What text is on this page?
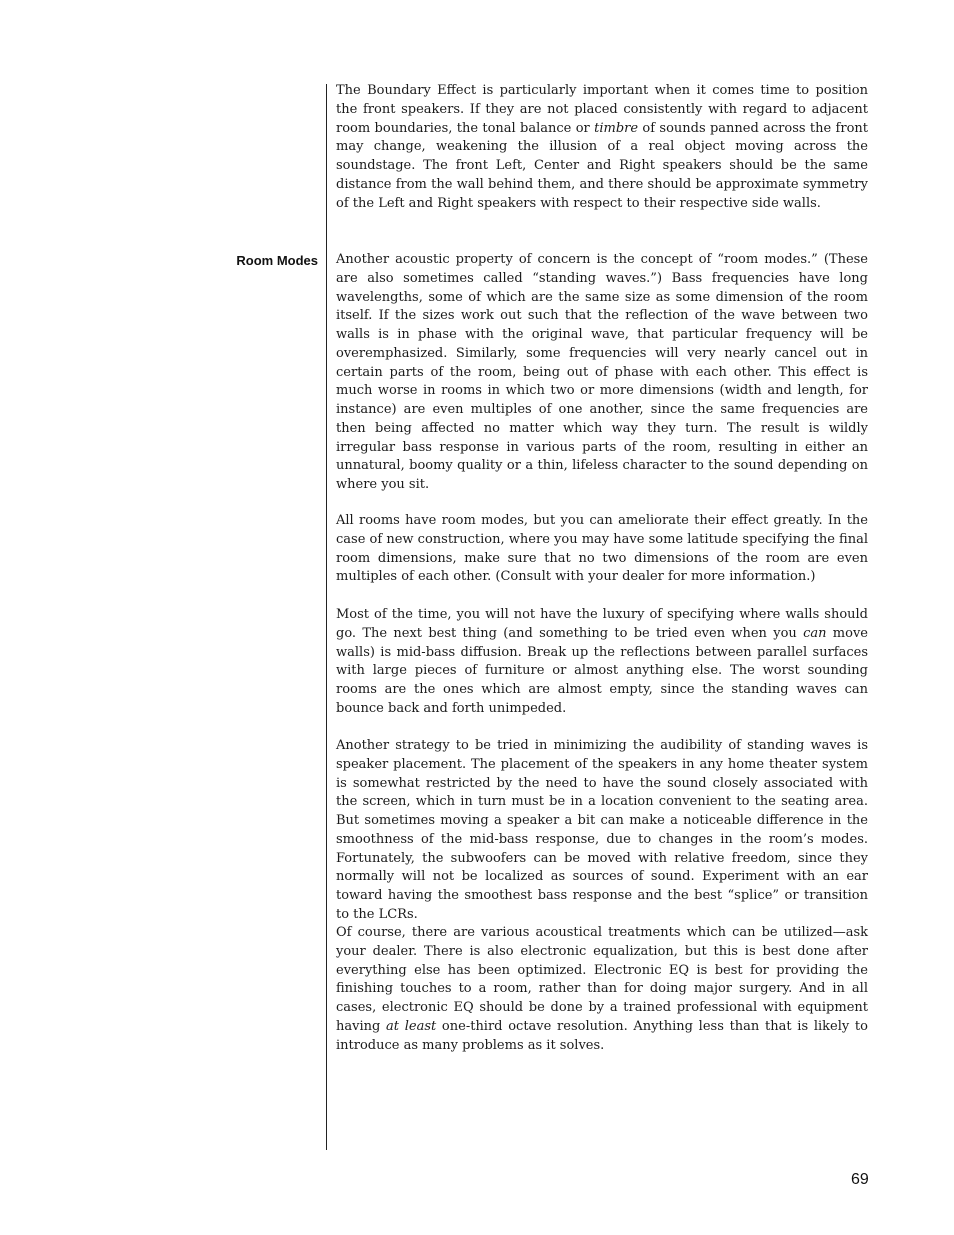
The Boundary Effect is particularly important when it comes time to position the front speakers. If they are not placed consistently with regard to adjacent room boundaries, the tonal balance or timbre of sounds panned across the front may change, weakening the illusion of a real object moving across the soundstage. The front Left, Center and Right speakers should be the same distance from the wall behind them, and there should be approximate symmetry of the Left and Right speakers with respect to their respective side walls.

Room Modes Another acoustic property of concern is the concept of “room modes.” (These are also sometimes called “standing waves.”) Bass frequencies have long wavelengths, some of which are the same size as some dimension of the room itself. If the sizes work out such that the reflection of the wave between two walls is in phase with the original wave, that particular frequency will be overemphasized. Similarly, some frequencies will very nearly cancel out in certain parts of the room, being out of phase with each other. This effect is much worse in rooms in which two or more dimensions (width and length, for instance) are even multiples of one another, since the same frequencies are then being affected no matter which way they turn. The result is wildly irregular bass response in various parts of the room, resulting in either an unnatural, boomy quality or a thin, lifeless character to the sound depending on where you sit.

All rooms have room modes, but you can ameliorate their effect greatly. In the case of new construction, where you may have some latitude specifying the final room dimensions, make sure that no two dimensions of the room are even multiples of each other. (Consult with your dealer for more information.)

Most of the time, you will not have the luxury of specifying where walls should go. The next best thing (and something to be tried even when you can move walls) is mid-bass diffusion. Break up the reflections between parallel surfaces with large pieces of furniture or almost anything else. The worst sounding rooms are the ones which are almost empty, since the standing waves can bounce back and forth unimpeded.

Another strategy to be tried in minimizing the audibility of standing waves is speaker placement. The placement of the speakers in any home theater system is somewhat restricted by the need to have the sound closely associated with the screen, which in turn must be in a location convenient to the seating area. But sometimes moving a speaker a bit can make a noticeable difference in the smoothness of the mid-bass response, due to changes in the room’s modes. Fortunately, the subwoofers can be moved with relative freedom, since they normally will not be localized as sources of sound. Experiment with an ear toward having the smoothest bass response and the best “splice” or transition to the LCRs.

Of course, there are various acoustical treatments which can be utilized—ask your dealer. There is also electronic equalization, but this is best done after everything else has been optimized. Electronic EQ is best for providing the finishing touches to a room, rather than for doing major surgery. And in all cases, electronic EQ should be done by a trained professional with equipment having at least one-third octave resolution. Anything less than that is likely to introduce as many problems as it solves.

69
